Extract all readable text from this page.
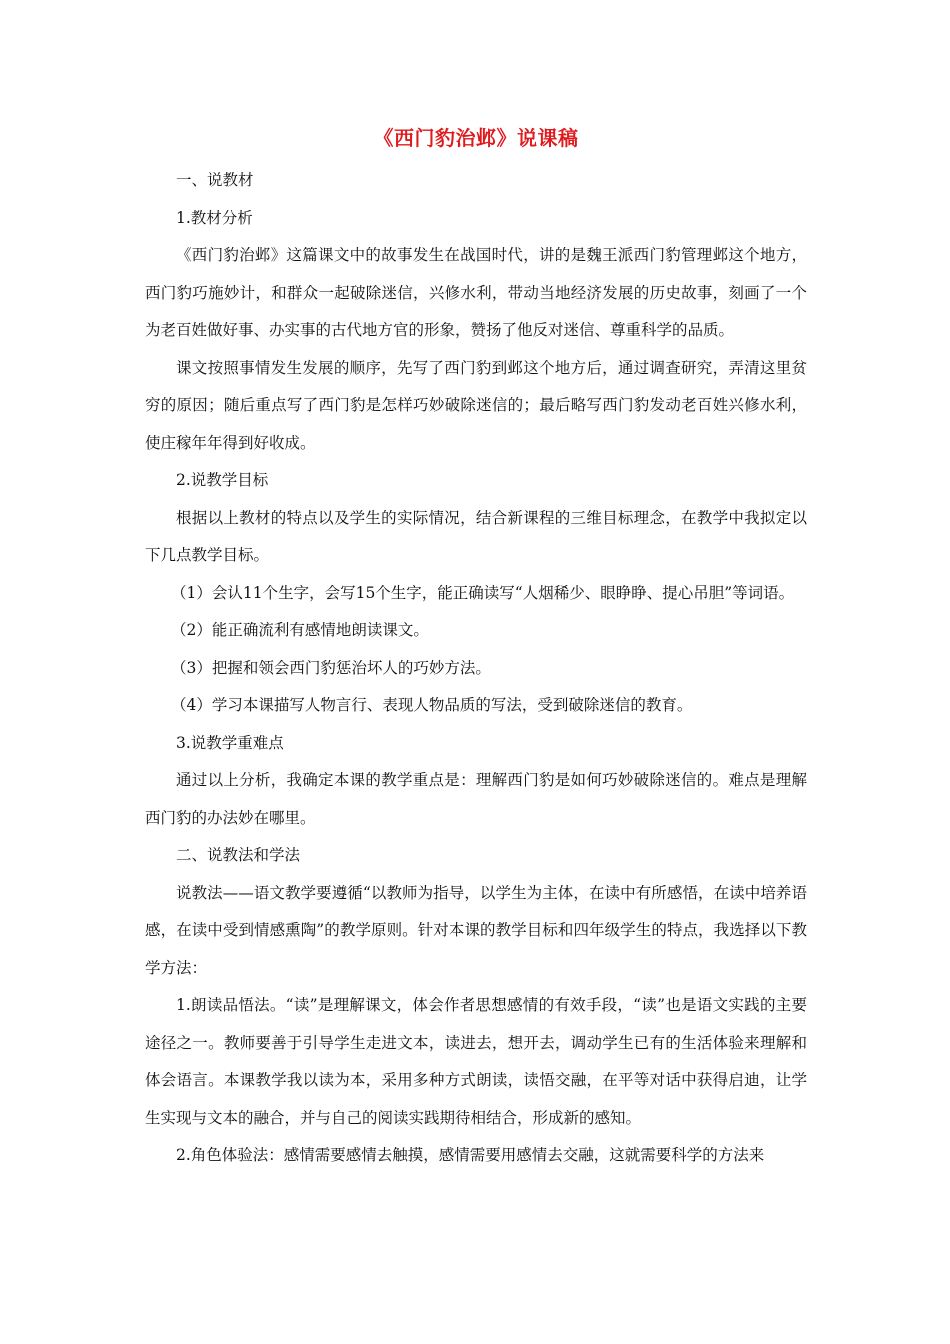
《西门豹治邺》说课稿

一、说教材

1.教材分析

《西门豹治邺》这篇课文中的故事发生在战国时代，讲的是魏王派西门豹管理邺这个地方，西门豹巧施妙计，和群众一起破除迷信，兴修水利，带动当地经济发展的历史故事，刻画了一个为老百姓做好事、办实事的古代地方官的形象，赞扬了他反对迷信、尊重科学的品质。

课文按照事情发生发展的顺序，先写了西门豹到邺这个地方后，通过调查研究，弄清这里贫穷的原因；随后重点写了西门豹是怎样巧妙破除迷信的；最后略写西门豹发动老百姓兴修水利，使庄稼年年得到好收成。

2.说教学目标

根据以上教材的特点以及学生的实际情况，结合新课程的三维目标理念，在教学中我拟定以下几点教学目标。

（1）会认11个生字，会写15个生字，能正确读写“人烟稀少、眼睁睁、提心吊胆”等词语。

（2）能正确流利有感情地朗读课文。

（3）把握和领会西门豹惩治坏人的巧妙方法。

（4）学习本课描写人物言行、表现人物品质的写法，受到破除迷信的教育。

3.说教学重难点

通过以上分析，我确定本课的教学重点是：理解西门豹是如何巧妙破除迷信的。难点是理解西门豹的办法妙在哪里。

二、说教法和学法

说教法——语文教学要遵循“以教师为指导，以学生为主体，在读中有所感悟，在读中培养语感，在读中受到情感熏陶”的教学原则。针对本课的教学目标和四年级学生的特点，我选择以下教学方法：

1.朗读品悟法。“读”是理解课文，体会作者思想感情的有效手段，“读”也是语文实践的主要途径之一。教师要善于引导学生走进文本，读进去，想开去，调动学生已有的生活体验来理解和体会语言。本课教学我以读为本，采用多种方式朗读，读悟交融，在平等对话中获得启迪，让学生实现与文本的融合，并与自己的阅读实践期待相结合，形成新的感知。

2.角色体验法：感情需要感情去触摸，感情需要用感情去交融，这就需要科学的方法来
